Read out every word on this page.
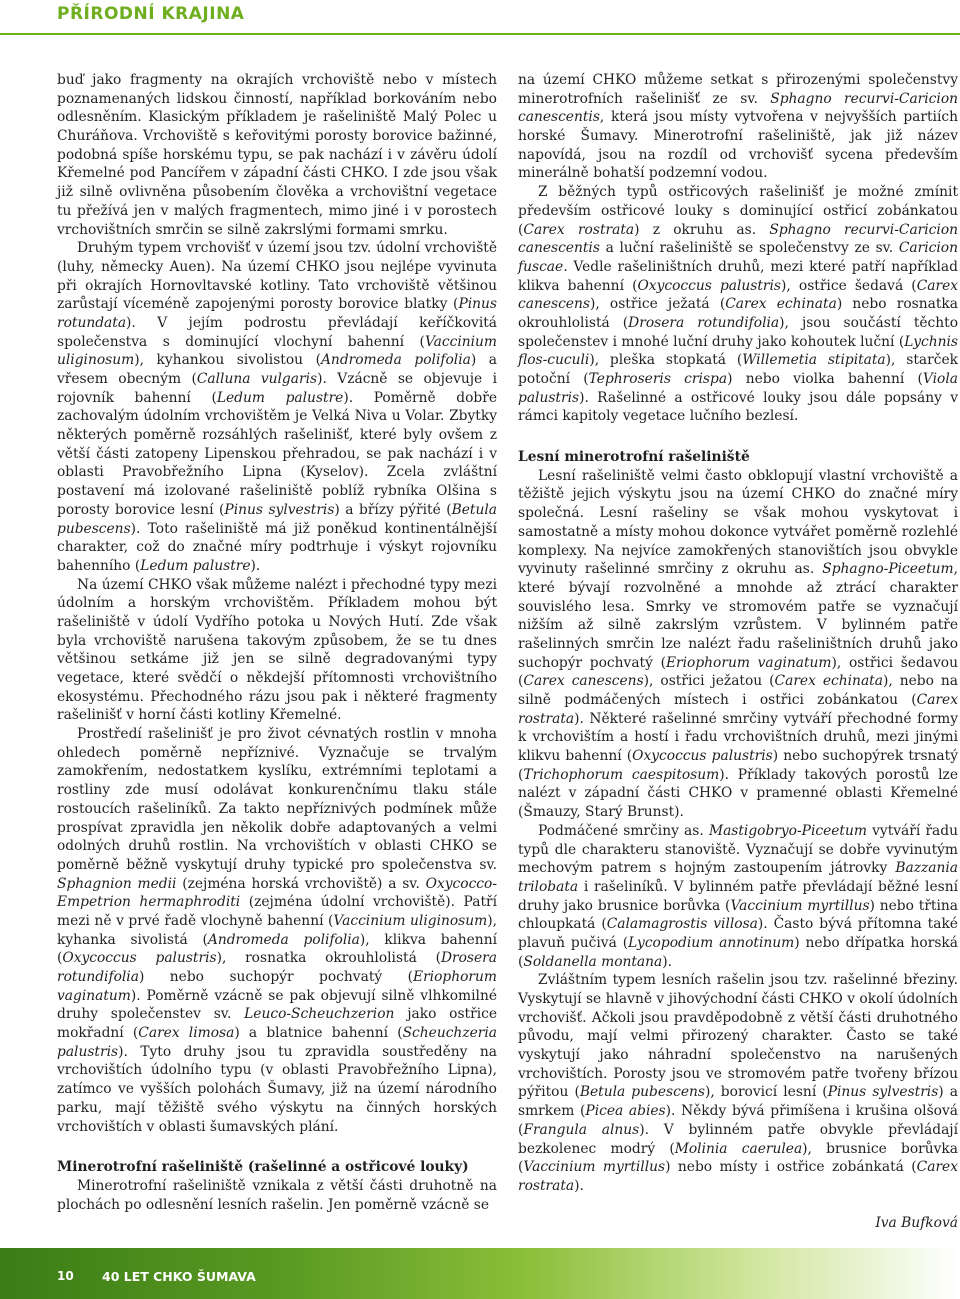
PŘÍRODNÍ KRAJINA

buď jako fragmenty na okrajích vrchoviště nebo v místech poznamenaných lidskou činností, například borkováním nebo odlesněním. Klasickým příkladem je rašeliniště Malý Polec u Churáňova. Vrchoviště s keřovitými porosty borovice bažinné, podobná spíše horskému typu, se pak nachází i v závěru údolí Křemelné pod Pancířem v západní části CHKO. I zde jsou však již silně ovlivněna působením člověka a vrchovištní vegetace tu přežívá jen v malých fragmentech, mimo jiné i v porostech vrchovištních smrčin se silně zakrslými formami smrku.

Druhým typem vrchovišť v území jsou tzv. údolní vrchoviště (luhy, německy Auen). Na území CHKO jsou nejlépe vyvinuta při okrajích Hornovltavské kotliny. Tato vrchoviště většinou zarůstají víceméně zapojenými porosty borovice blatky (Pinus rotundata). V jejím podrostu převládají keříčkovitá společenstva s dominující vlochyní bahenní (Vaccinium uliginosum), kyhankou sivolistou (Andromeda polifolia) a vřesem obecným (Calluna vulgaris). Vzácně se objevuje i rojovník bahenní (Ledum palustre). Poměrně dobře zachovalým údolním vrchovištěm je Velká Niva u Volar. Zbytky některých poměrně rozsáhlých rašelinišť, které byly ovšem z větší části zatopeny Lipenskou přehradou, se pak nachází i v oblasti Pravobřežního Lipna (Kyselov). Zcela zvláštní postavení má izolované rašeliniště poblíž rybníka Olšina s porosty borovice lesní (Pinus sylvestris) a břízy pýřité (Betula pubescens). Toto rašeliniště má již poněkud kontinentálnější charakter, což do značné míry podtrhuje i výskyt rojovníku bahenního (Ledum palustre).

Na území CHKO však můžeme nalézt i přechodné typy mezi údolním a horským vrchovištěm. Příkladem mohou být rašeliniště v údolí Vydřího potoka u Nových Hutí. Zde však byla vrchoviště narušena takovým způsobem, že se tu dnes většinou setkáme již jen se silně degradovanými typy vegetace, které svědčí o někdejší přítomnosti vrchovištního ekosystému. Přechodného rázu jsou pak i některé fragmenty rašelinišť v horní části kotliny Křemelné.

Prostředí rašelinišť je pro život cévnatých rostlin v mnoha ohledech poměrně nepříznivé. Vyznačuje se trvalým zamokřením, nedostatkem kyslíku, extrémními teplotami a rostliny zde musí odolávat konkurenčnímu tlaku stále rostoucích rašeliníků. Za takto nepříznivých podmínek může prospívat zpravidla jen několik dobře adaptovaných a velmi odolných druhů rostlin. Na vrchovištích v oblasti CHKO se poměrně běžně vyskytují druhy typické pro společenstva sv. Sphagnion medii (zejména horská vrchoviště) a sv. Oxycocco-Empetrion hermaphroditi (zejména údolní vrchoviště). Patří mezi ně v prvé řadě vlochyně bahenní (Vaccinium uliginosum), kyhanka sivolistá (Andromeda polifolia), klikva bahenní (Oxycoccus palustris), rosnatka okrouhlolistá (Drosera rotundifolia) nebo suchopýr pochvatý (Eriophorum vaginatum). Poměrně vzácně se pak objevují silně vlhkomilné druhy společenstev sv. Leuco-Scheuchzerion jako ostřice mokřadní (Carex limosa) a blatnice bahenní (Scheuchzeria palustris). Tyto druhy jsou tu zpravidla soustředěny na vrchovištích údolního typu (v oblasti Pravobřežního Lipna), zatímco ve vyšších polohách Šumavy, již na území národního parku, mají těžiště svého výskytu na činných horských vrchovištích v oblasti šumavských plání.

Minerotrofní rašeliniště (rašelinné a ostřicové louky)

Minerotrofní rašeliniště vznikala z větší části druhotně na plochách po odlesnění lesních rašelin. Jen poměrně vzácně se

na území CHKO můžeme setkat s přirozenými společenstvy minerotrofních rašelinišť ze sv. Sphagno recurvi-Caricion canescentis, která jsou místy vytvořena v nejvyšších partiích horské Šumavy. Minerotrofní rašeliniště, jak již název napovídá, jsou na rozdíl od vrchovišť sycena především minerálně bohatší podzemní vodou.

Z běžných typů ostřicových rašelinišť je možné zmínit především ostřicové louky s dominující ostřicí zobánkatou (Carex rostrata) z okruhu as. Sphagno recurvi-Caricion canescentis a luční rašeliniště se společenstvy ze sv. Caricion fuscae. Vedle rašeliništních druhů, mezi které patří například klikva bahenní (Oxycoccus palustris), ostřice šedavá (Carex canescens), ostřice ježatá (Carex echinata) nebo rosnatka okrouhlolistá (Drosera rotundifolia), jsou součástí těchto společenstev i mnohé luční druhy jako kohoutek luční (Lychnis flos-cuculi), pleška stopkatá (Willemetia stipitata), starček potoční (Tephroseris crispa) nebo violka bahenní (Viola palustris). Rašelinné a ostřicové louky jsou dále popsány v rámci kapitoly vegetace lučního bezlesí.

Lesní minerotrofní rašeliniště

Lesní rašeliniště velmi často obklopují vlastní vrchoviště a těžiště jejich výskytu jsou na území CHKO do značné míry společná. Lesní rašeliny se však mohou vyskytovat i samostatně a místy mohou dokonce vytvářet poměrně rozlehlé komplexy. Na nejvíce zamokřených stanovištích jsou obvykle vyvinuty rašelinné smrčiny z okruhu as. Sphagno-Piceetum, které bývají rozvolněné a mnohde až ztrácí charakter souvislého lesa. Smrky ve stromovém patře se vyznačují nižším až silně zakrslým vzrůstem. V bylinném patře rašelinných smrčin lze nalézt řadu rašeliništních druhů jako suchopýr pochvatý (Eriophorum vaginatum), ostřici šedavou (Carex canescens), ostřici ježatou (Carex echinata), nebo na silně podmáčených místech i ostřici zobánkatou (Carex rostrata). Některé rašelinné smrčiny vytváří přechodné formy k vrchovištím a hostí i řadu vrchovištních druhů, mezi jinými klikvu bahenní (Oxycoccus palustris) nebo suchopýrek trsnatý (Trichophorum caespitosum). Příklady takových porostů lze nalézt v západní části CHKO v pramenné oblasti Křemelné (Šmauzy, Starý Brunst).

Podmáčené smrčiny as. Mastigobryo-Piceetum vytváří řadu typů dle charakteru stanoviště. Vyznačují se dobře vyvinutým mechovým patrem s hojným zastoupením játrovky Bazzania trilobata i rašeliníků. V bylinném patře převládají běžné lesní druhy jako brusnice borůvka (Vaccinium myrtillus) nebo třtina chloupkatá (Calamagrostis villosa). Často bývá přítomna také plavuň pučivá (Lycopodium annotinum) nebo dřípatka horská (Soldanella montana).

Zvláštním typem lesních rašelin jsou tzv. rašelinné březiny. Vyskytují se hlavně v jihovýchodní části CHKO v okolí údolních vrchovišť. Ačkoli jsou pravděpodobně z větší části druhotného původu, mají velmi přirozený charakter. Často se také vyskytují jako náhradní společenstvo na narušených vrchovištích. Porosty jsou ve stromovém patře tvořeny břízou pýřitou (Betula pubescens), borovicí lesní (Pinus sylvestris) a smrkem (Picea abies). Někdy bývá přimíšena i krušina olšová (Frangula alnus). V bylinném patře obvykle převládají bezkolenec modrý (Molinia caerulea), brusnice borůvka (Vaccinium myrtillus) nebo místy i ostřice zobánkatá (Carex rostrata).

Iva Bufková
10 40 LET CHKO ŠUMAVA
